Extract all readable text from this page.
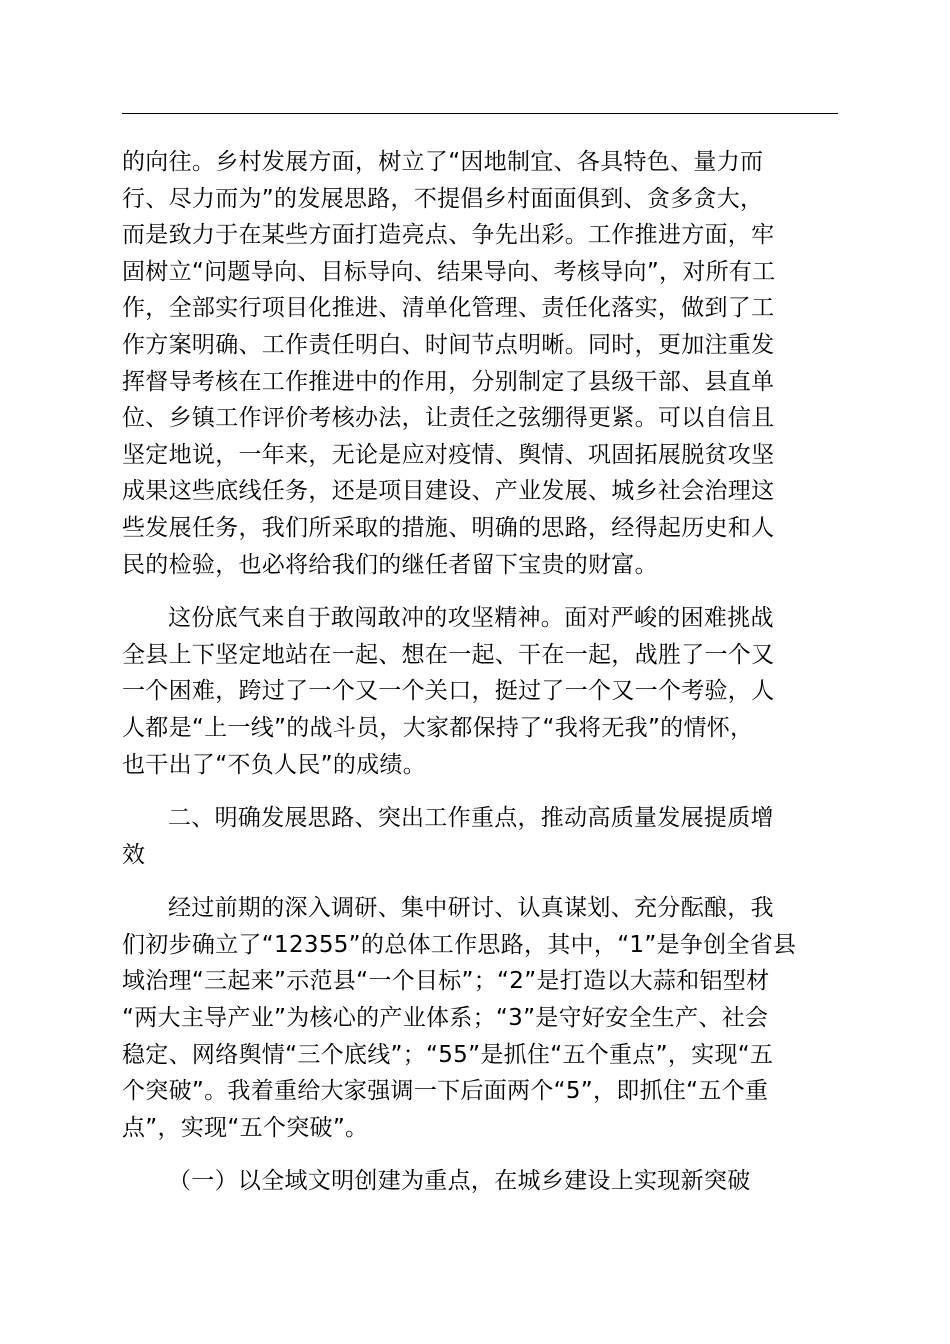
的向往。乡村发展方面，树立了“因地制宜、各具特色、量力而
行、尽力而为”的发展思路，不提倡乡村面面俱到、贪多贪大，
而是致力于在某些方面打造亮点、争先出彩。工作推进方面，牢
固树立“问题导向、目标导向、结果导向、考核导向”，对所有工
作，全部实行项目化推进、清单化管理、责任化落实，做到了工
作方案明确、工作责任明白、时间节点明晰。同时，更加注重发
挥督导考核在工作推进中的作用，分别制定了县级干部、县直单
位、乡镇工作评价考核办法，让责任之弦绷得更紧。可以自信且
坚定地说，一年来，无论是应对疫情、舆情、巩固拓展脱贫攻坚
成果这些底线任务，还是项目建设、产业发展、城乡社会治理这
些发展任务，我们所采取的措施、明确的思路，经得起历史和人
民的检验，也必将给我们的继任者留下宝贵的财富。

这份底气来自于敢闯敢冲的攻坚精神。面对严峻的困难挑战
全县上下坚定地站在一起、想在一起、干在一起，战胜了一个又
一个困难，跨过了一个又一个关口，挺过了一个又一个考验，人
人都是“上一线”的战斗员，大家都保持了“我将无我”的情怀，
也干出了“不负人民”的成绩。

二、明确发展思路、突出工作重点，推动高质量发展提质增
效

经过前期的深入调研、集中研讨、认真谋划、充分酝酿，我
们初步确立了“12355”的总体工作思路，其中，“1”是争创全省县
域治理“三起来”示范县“一个目标”；“2”是打造以大蒜和铝型材
“两大主导产业”为核心的产业体系；“3”是守好安全生产、社会
稳定、网络舆情“三个底线”；“55”是抓住“五个重点”，实现“五
个突破”。我着重给大家强调一下后面两个“5”，即抓住“五个重
点”，实现“五个突破”。

（一）以全域文明创建为重点，在城乡建设上实现新突破
